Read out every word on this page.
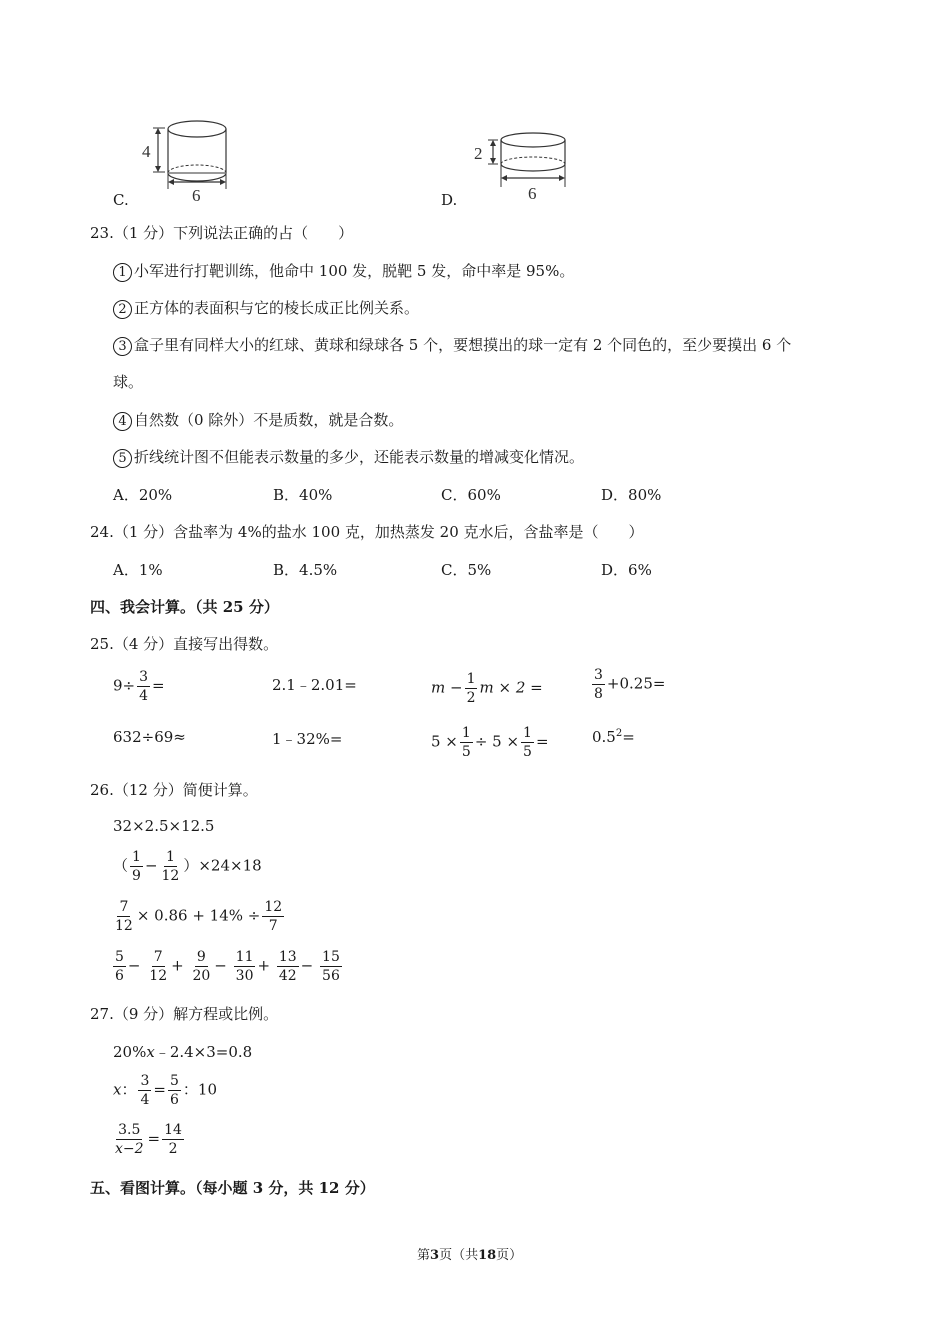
4
6
C.
2
6
D.
23.（1 分）下列说法正确的占（　　）
1 小军进行打靶训练，他命中 100 发，脱靶 5 发，命中率是 95%。
2 正方体的表面积与它的棱长成正比例关系。
3 盒子里有同样大小的红球、黄球和绿球各 5 个，要想摸出的球一定有 2 个同色的，至少要摸出 6 个
球。
4 自然数（0 除外）不是质数，就是合数。
5 折线统计图不但能表示数量的多少，还能表示数量的增减变化情况。
A．20%	B．40%	C．60%	D．80%
24.（1 分）含盐率为 4%的盐水 100 克，加热蒸发 20 克水后，含盐率是（　　）
A．1%	B．4.5%	C．5%	D．6%
四、我会计算。（共 25 分）
25.（4 分）直接写出得数。
$9\div \frac{3}{4}$ =	2.1﹣2.01=	$m - \frac{1}{2}$ m × 2 =	$\frac{3}{8} +0.25=$
632÷69≈	1﹣32%=	$5 \times \frac{1}{5} \div 5 \times \frac{1}{5}$ =	$0.5^2=$
26.（12 分）简便计算。
32×2.5×12.5
（ $\frac{1}{9} - \frac{1}{12} )\times 24\times 18$
$\frac{7}{12} \times 0.86 + 14\% \div \frac{12}{7}$
$\frac{5}{6} - \frac{7}{12} + \frac{9}{20} - \frac{11}{30} + \frac{13}{42} - \frac{15}{56}$
27.（9 分）解方程或比例。
20%x﹣2.4×3=0.8
x： $\frac{3}{4} = \frac{5}{6}$ ：10
$\frac{3.5}{x-2} = \frac{14}{2}$
五、看图计算。（每小题 3 分，共 12 分）
第3页（共18页）
